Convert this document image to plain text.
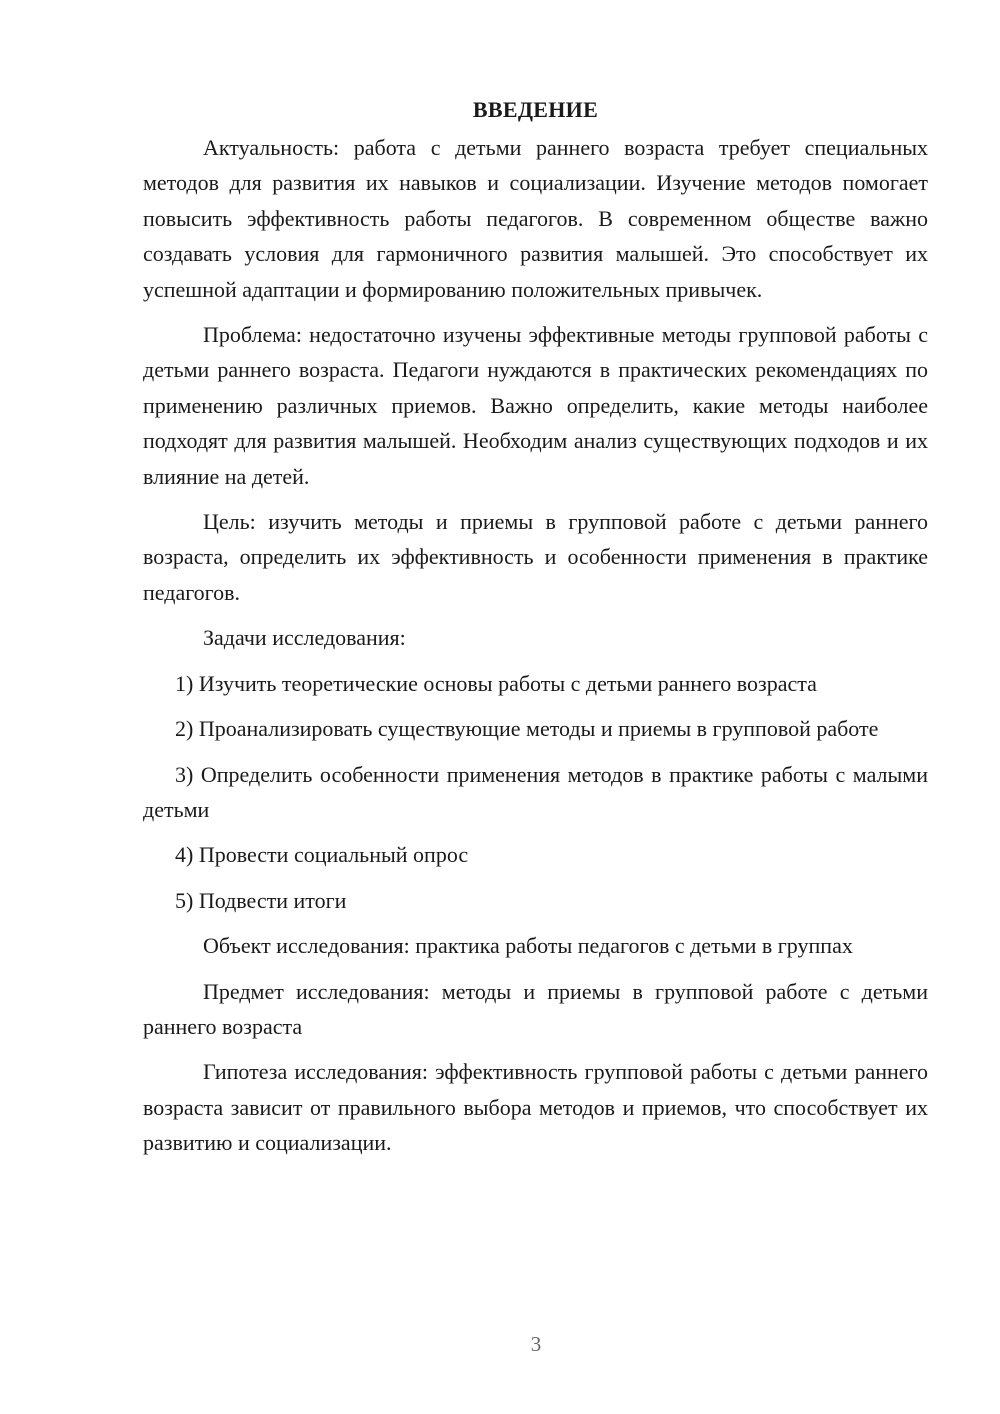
ВВЕДЕНИЕ

Актуальность: работа с детьми раннего возраста требует специальных методов для развития их навыков и социализации. Изучение методов помогает повысить эффективность работы педагогов. В современном обществе важно создавать условия для гармоничного развития малышей. Это способствует их успешной адаптации и формированию положительных привычек.

Проблема: недостаточно изучены эффективные методы групповой работы с детьми раннего возраста. Педагоги нуждаются в практических рекомендациях по применению различных приемов. Важно определить, какие методы наиболее подходят для развития малышей. Необходим анализ существующих подходов и их влияние на детей.

Цель: изучить методы и приемы в групповой работе с детьми раннего возраста, определить их эффективность и особенности применения в практике педагогов.

Задачи исследования:

1) Изучить теоретические основы работы с детьми раннего возраста

2) Проанализировать существующие методы и приемы в групповой работе

3) Определить особенности применения методов в практике работы с малыми детьми

4) Провести социальный опрос

5) Подвести итоги

Объект исследования: практика работы педагогов с детьми в группах

Предмет исследования: методы и приемы в групповой работе с детьми раннего возраста

Гипотеза исследования: эффективность групповой работы с детьми раннего возраста зависит от правильного выбора методов и приемов, что способствует их развитию и социализации.

3
